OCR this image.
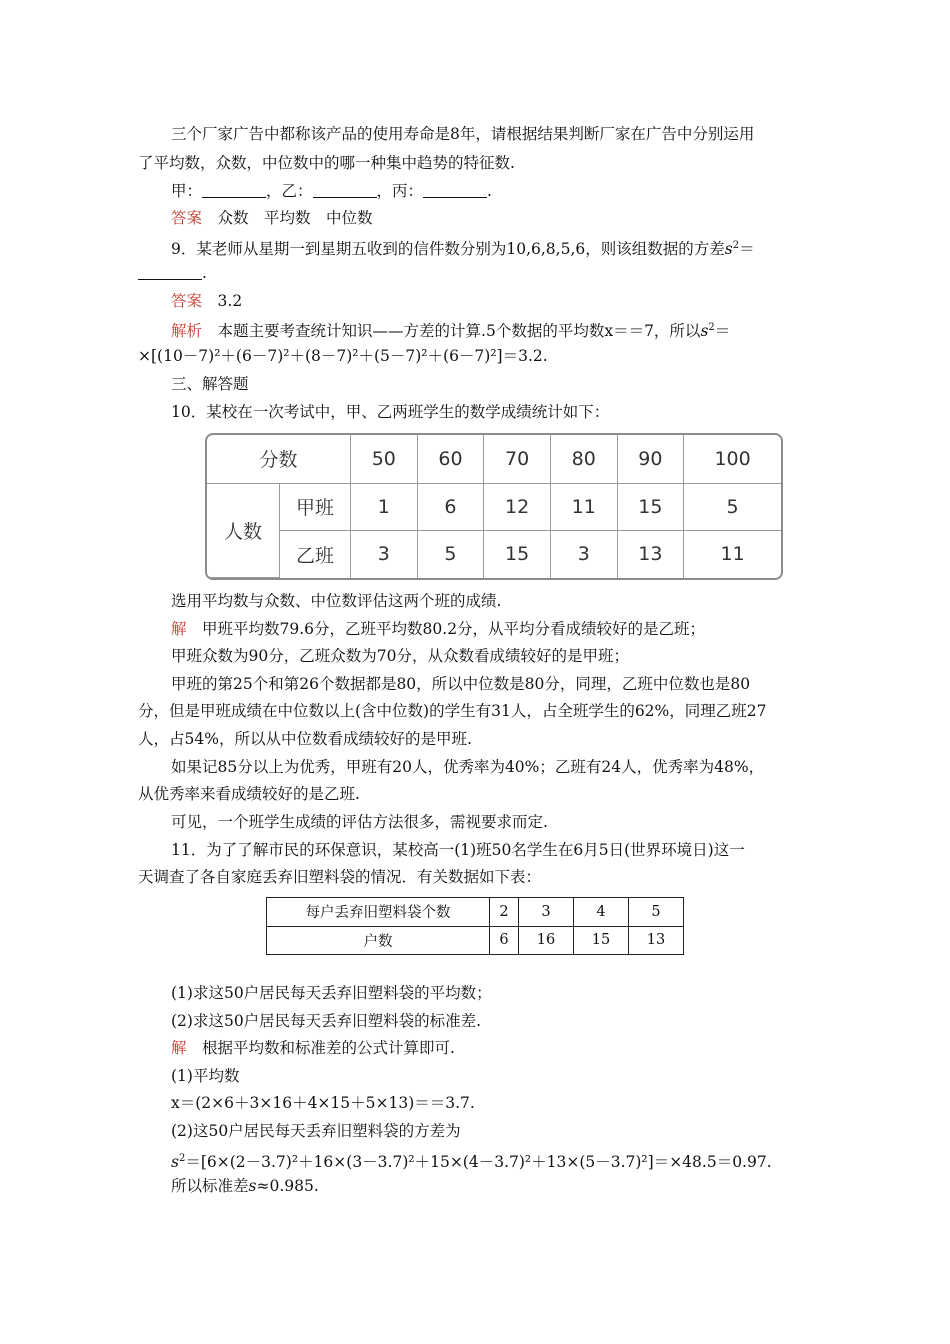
三个厂家广告中都称该产品的使用寿命是8年，请根据结果判断厂家在广告中分别运用
了平均数，众数，中位数中的哪一种集中趋势的特征数.
甲：	，乙：	，丙：	.
答案　 众数　平均数　中位数
9．某老师从星期一到星期五收到的信件数分别为10,6,8,5,6，则该组数据的方差$s^2=$
.
答案　 3.2
解析　 本题主要考查统计知识——方差的计算.5个数据的平均数x＝＝7，所以$s^2=$
×[(10－7)²＋(6－7)²＋(8－7)²＋(5－7)²＋(6－7)²]＝3.2.
三、解答题
10．某校在一次考试中，甲、乙两班学生的数学成绩统计如下：
分数		50	60	70	80	90	100
人数	甲班	1	6	12	11	15	5
	乙班	3	5	15	3	13	11
选用平均数与众数、中位数评估这两个班的成绩.
解　 甲班平均数79.6分，乙班平均数80.2分，从平均分看成绩较好的是乙班；
甲班众数为90分，乙班众数为70分，从众数看成绩较好的是甲班；
甲班的第25个和第26个数据都是80，所以中位数是80分，同理，乙班中位数也是80
分，但是甲班成绩在中位数以上(含中位数)的学生有31人，占全班学生的62%，同理乙班27
人，占54%，所以从中位数看成绩较好的是甲班.
如果记85分以上为优秀，甲班有20人，优秀率为40%；乙班有24人，优秀率为48%，
从优秀率来看成绩较好的是乙班.
可见，一个班学生成绩的评估方法很多，需视要求而定.
11．为了了解市民的环保意识，某校高一(1)班50名学生在6月5日(世界环境日)这一
天调查了各自家庭丢弃旧塑料袋的情况．有关数据如下表：
每户丢弃旧塑料袋个数	2	3	4	5
户数	6	16	15	13
(1)求这50户居民每天丢弃旧塑料袋的平均数；
(2)求这50户居民每天丢弃旧塑料袋的标准差.
解　 根据平均数和标准差的公式计算即可.
(1)平均数
x＝(2×6＋3×16＋4×15＋5×13)＝＝3.7.
(2)这50户居民每天丢弃旧塑料袋的方差为
$s^2=[6\times(2-3.7)^2+16\times(3-3.7)^2+15\times(4-3.7)^2+13\times(5-3.7)^2]=\times 48.5=0.97$.
所以标准差s≈0.985.
